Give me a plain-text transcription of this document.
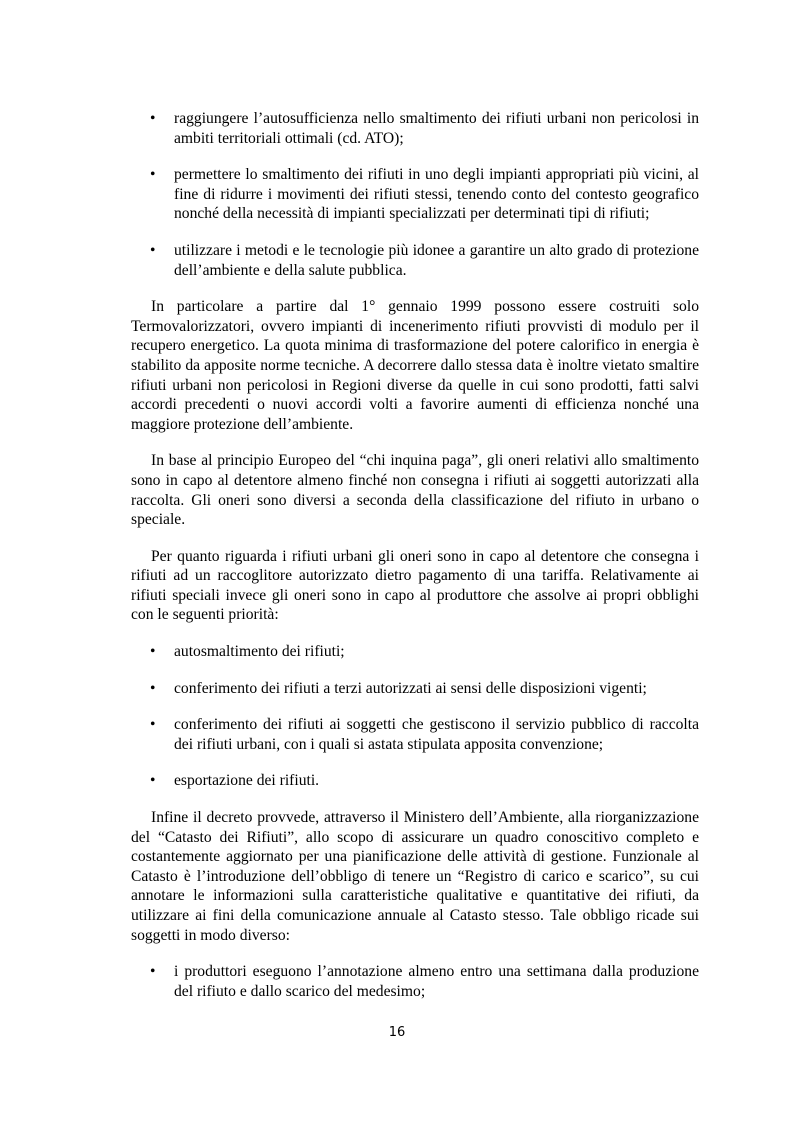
• raggiungere l’autosufficienza nello smaltimento dei rifiuti urbani non pericolosi in ambiti territoriali ottimali (cd. ATO);
• permettere lo smaltimento dei rifiuti in uno degli impianti appropriati più vicini, al fine di ridurre i movimenti dei rifiuti stessi, tenendo conto del contesto geografico nonché della necessità di impianti specializzati per determinati tipi di rifiuti;
• utilizzare i metodi e le tecnologie più idonee a garantire un alto grado di protezione dell’ambiente e della salute pubblica.

In particolare a partire dal 1° gennaio 1999 possono essere costruiti solo Termovalorizzatori, ovvero impianti di incenerimento rifiuti provvisti di modulo per il recupero energetico. La quota minima di trasformazione del potere calorifico in energia è stabilito da apposite norme tecniche. A decorrere dallo stessa data è inoltre vietato smaltire rifiuti urbani non pericolosi in Regioni diverse da quelle in cui sono prodotti, fatti salvi accordi precedenti o nuovi accordi volti a favorire aumenti di efficienza nonché una maggiore protezione dell’ambiente.

In base al principio Europeo del “chi inquina paga”, gli oneri relativi allo smaltimento sono in capo al detentore almeno finché non consegna i rifiuti ai soggetti autorizzati alla raccolta. Gli oneri sono diversi a seconda della classificazione del rifiuto in urbano o speciale.

Per quanto riguarda i rifiuti urbani gli oneri sono in capo al detentore che consegna i rifiuti ad un raccoglitore autorizzato dietro pagamento di una tariffa. Relativamente ai rifiuti speciali invece gli oneri sono in capo al produttore che assolve ai propri obblighi con le seguenti priorità:

• autosmaltimento dei rifiuti;
• conferimento dei rifiuti a terzi autorizzati ai sensi delle disposizioni vigenti;
• conferimento dei rifiuti ai soggetti che gestiscono il servizio pubblico di raccolta dei rifiuti urbani, con i quali si astata stipulata apposita convenzione;
• esportazione dei rifiuti.

Infine il decreto provvede, attraverso il Ministero dell’Ambiente, alla riorganizzazione del “Catasto dei Rifiuti”, allo scopo di assicurare un quadro conoscitivo completo e costantemente aggiornato per una pianificazione delle attività di gestione. Funzionale al Catasto è l’introduzione dell’obbligo di tenere un “Registro di carico e scarico”, su cui annotare le informazioni sulla caratteristiche qualitative e quantitative dei rifiuti, da utilizzare ai fini della comunicazione annuale al Catasto stesso. Tale obbligo ricade sui soggetti in modo diverso:

• i produttori eseguono l’annotazione almeno entro una settimana dalla produzione del rifiuto e dallo scarico del medesimo;
16
